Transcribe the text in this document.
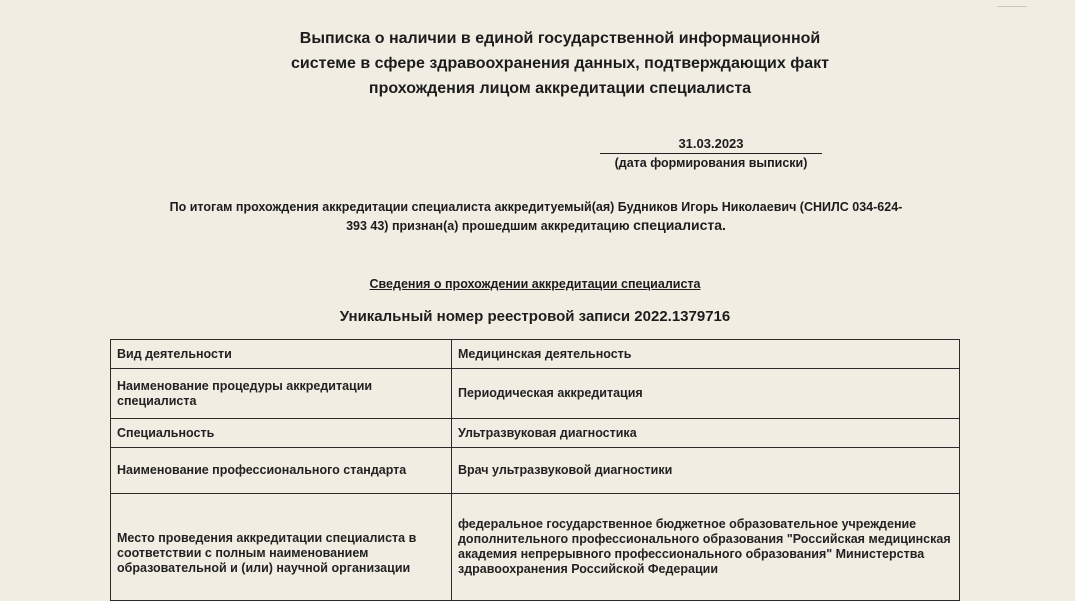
Выписка о наличии в единой государственной информационной
системе в сфере здравоохранения данных, подтверждающих факт
прохождения лицом аккредитации специалиста
31.03.2023
(дата формирования выписки)
По итогам прохождения аккредитации специалиста аккредитуемый(ая) Будников Игорь Николаевич (СНИЛС 034-624-
393 43) признан(а) прошедшим аккредитацию специалиста.
Сведения о прохождении аккредитации специалиста
Уникальный номер реестровой записи 2022.1379716
Вид деятельности	Медицинская деятельность
Наименование процедуры аккредитации специалиста	Периодическая аккредитация
Специальность	Ультразвуковая диагностика
Наименование профессионального стандарта	Врач ультразвуковой диагностики
Место проведения аккредитации специалиста в соответствии с полным наименованием образовательной и (или) научной организации	федеральное государственное бюджетное образовательное учреждение дополнительного профессионального образования "Российская медицинская академия непрерывного профессионального образования" Министерства здравоохранения Российской Федерации
